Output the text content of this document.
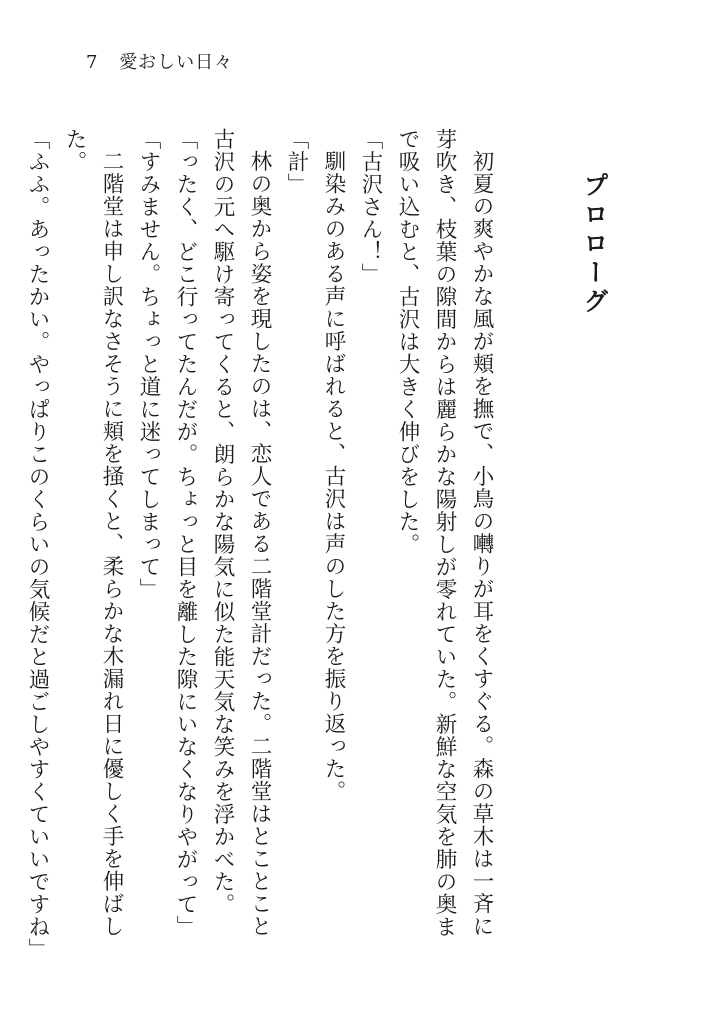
7 愛おしい日々
プロローグ

初夏の爽やかな風が頬を撫で、小鳥の囀りが耳をくすぐる。森の草木は一斉に芽吹き、枝葉の隙間からは麗らかな陽射しが零れていた。新鮮な空気を肺の奥まで吸い込むと、古沢は大きく伸びをした。

「古沢さん！」

馴染みのある声に呼ばれると、古沢は声のした方を振り返った。

「計」

林の奥から姿を現したのは、恋人である二階堂計だった。二階堂はとことこと古沢の元へ駆け寄ってくると、朗らかな陽気に似た能天気な笑みを浮かべた。

「ったく、どこ行ってたんだが。ちょっと目を離した隙にいなくなりやがって」

「すみません。ちょっと道に迷ってしまって」

二階堂は申し訳なさそうに頬を掻くと、柔らかな木漏れ日に優しく手を伸ばした。

「ふふ。あったかい。やっぱりこのくらいの気候だと過ごしやすくていいですね」
